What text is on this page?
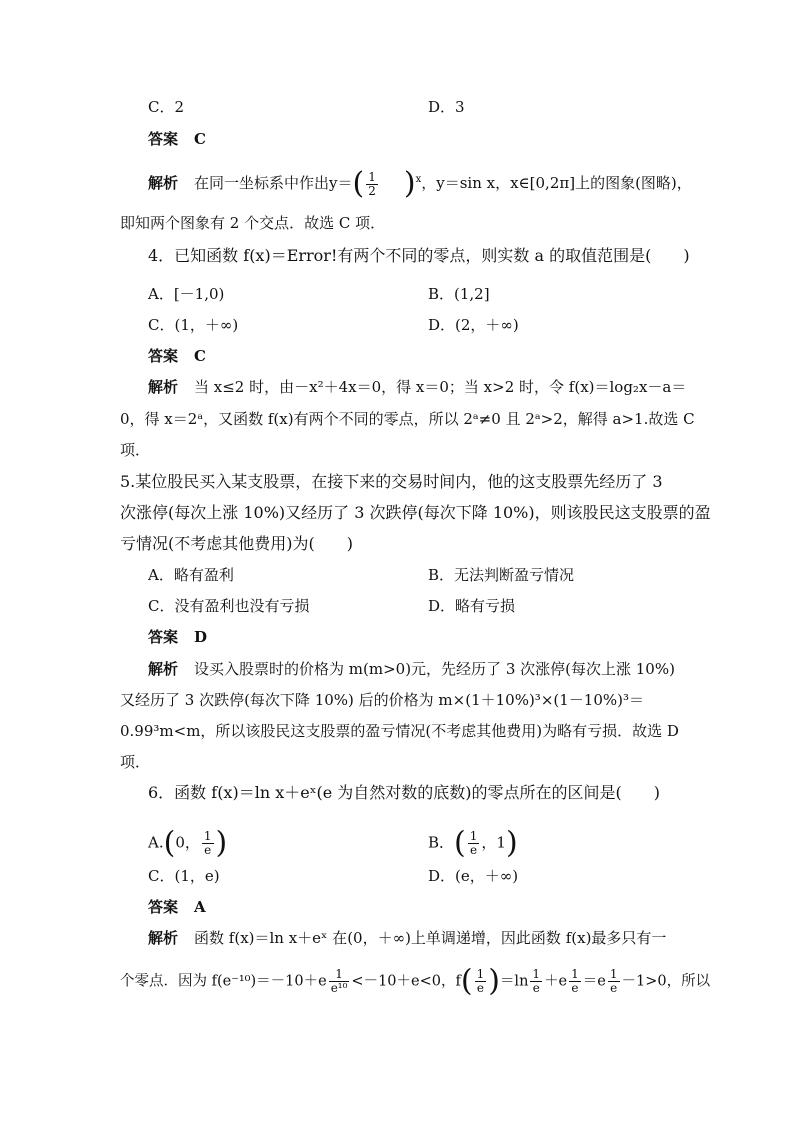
C．2	D．3
答案 C
解析 在同一坐标系中作出$y=( \frac{1}{2} )^x$，y＝sin x，x∈[0,2π]上的图象(图略)，
即知两个图象有 2 个交点．故选 C 项．
4．已知函数 f(x)＝Error!有两个不同的零点，则实数 a 的取值范围是(　　)
A．[－1,0)	B．(1,2]
C．(1，＋∞)	D．(2，＋∞)
答案 C
解析 当 x≤2 时，由－x²＋4x＝0，得 x＝0；当 x>2 时，令 f(x)＝log₂x－a＝
0，得 x＝2ᵃ，又函数 f(x)有两个不同的零点，所以 2ᵃ≠0 且 2ᵃ>2，解得 a>1.故选 C
项．
5.某位股民买入某支股票，在接下来的交易时间内，他的这支股票先经历了 3
次涨停(每次上涨 10%)又经历了 3 次跌停(每次下降 10%)，则该股民这支股票的盈
亏情况(不考虑其他费用)为(　　)
A．略有盈利	B．无法判断盈亏情况
C．没有盈利也没有亏损	D．略有亏损
答案 D
解析 设买入股票时的价格为 m(m>0)元，先经历了 3 次涨停(每次上涨 10%)
又经历了 3 次跌停(每次下降 10%) 后的价格为 m×(1＋10%)³×(1－10%)³＝
0.99³m<m，所以该股民这支股票的盈亏情况(不考虑其他费用)为略有亏损．故选 D
项．
6．函数 f(x)＝ln x＋eˣ(e 为自然对数的底数)的零点所在的区间是(　　)
A.(0， $\frac{1}{e}$ )	B．( $\frac{1}{e}$ ，1)
C．(1，e)	D．(e，＋∞)
答案 A
解析 函数 f(x)＝ln x＋eˣ 在(0，＋∞)上单调递增，因此函数 f(x)最多只有一
个零点．因为 $f(e^{-10})=-10+e \frac{1}{\text{e¹⁰}} <-10+e<0$，$f( \frac{1}{e} )=\ln \frac{1}{e} +e \frac{1}{e} =e \frac{1}{e} -1>0$，所以
